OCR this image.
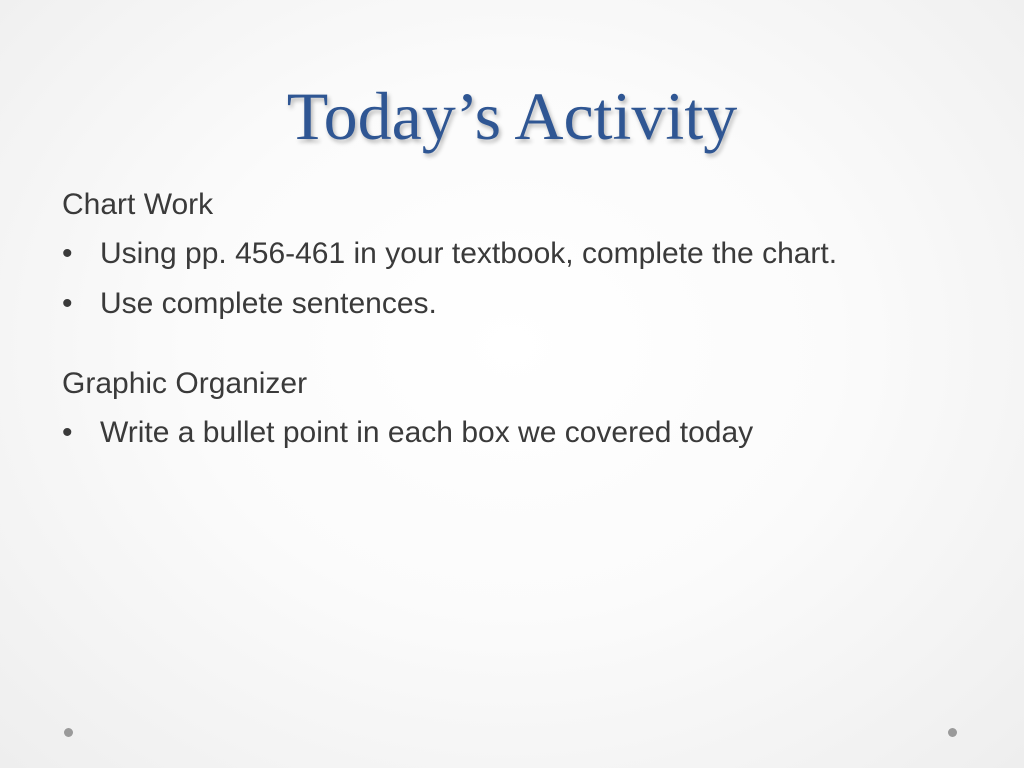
Today’s Activity
Chart Work
• Using pp. 456-461 in your textbook, complete the chart.
• Use complete sentences.
Graphic Organizer
• Write a bullet point in each box we covered today
